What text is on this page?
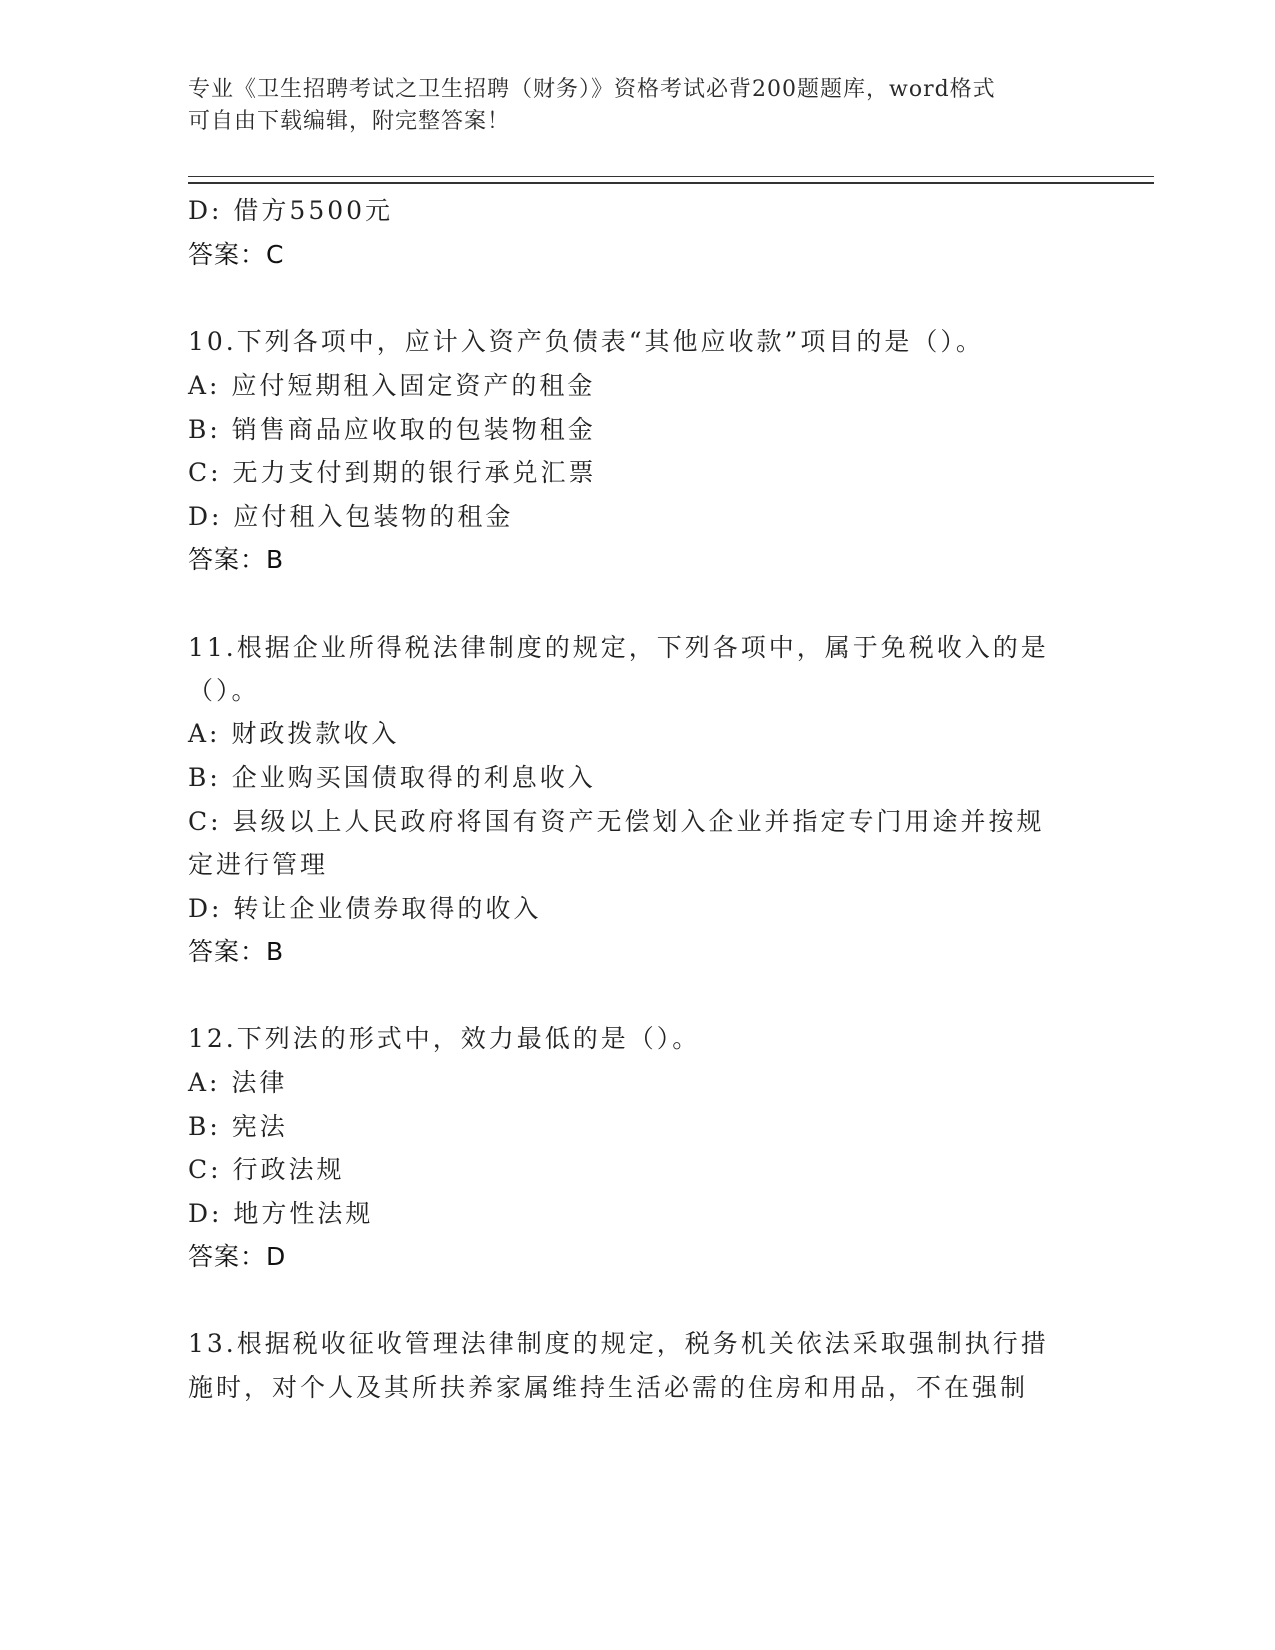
专业《卫生招聘考试之卫生招聘（财务）》资格考试必背200题题库，word格式
可自由下载编辑，附完整答案！
D: 借方5500元
答案：C
10.下列各项中，应计入资产负债表“其他应收款”项目的是（）。
A: 应付短期租入固定资产的租金
B: 销售商品应收取的包装物租金
C: 无力支付到期的银行承兑汇票
D: 应付租入包装物的租金
答案：B
11.根据企业所得税法律制度的规定，下列各项中，属于免税收入的是
（）。
A: 财政拨款收入
B: 企业购买国债取得的利息收入
C: 县级以上人民政府将国有资产无偿划入企业并指定专门用途并按规
定进行管理
D: 转让企业债券取得的收入
答案：B
12.下列法的形式中，效力最低的是（）。
A: 法律
B: 宪法
C: 行政法规
D: 地方性法规
答案：D
13.根据税收征收管理法律制度的规定，税务机关依法采取强制执行措
施时，对个人及其所扶养家属维持生活必需的住房和用品，不在强制
